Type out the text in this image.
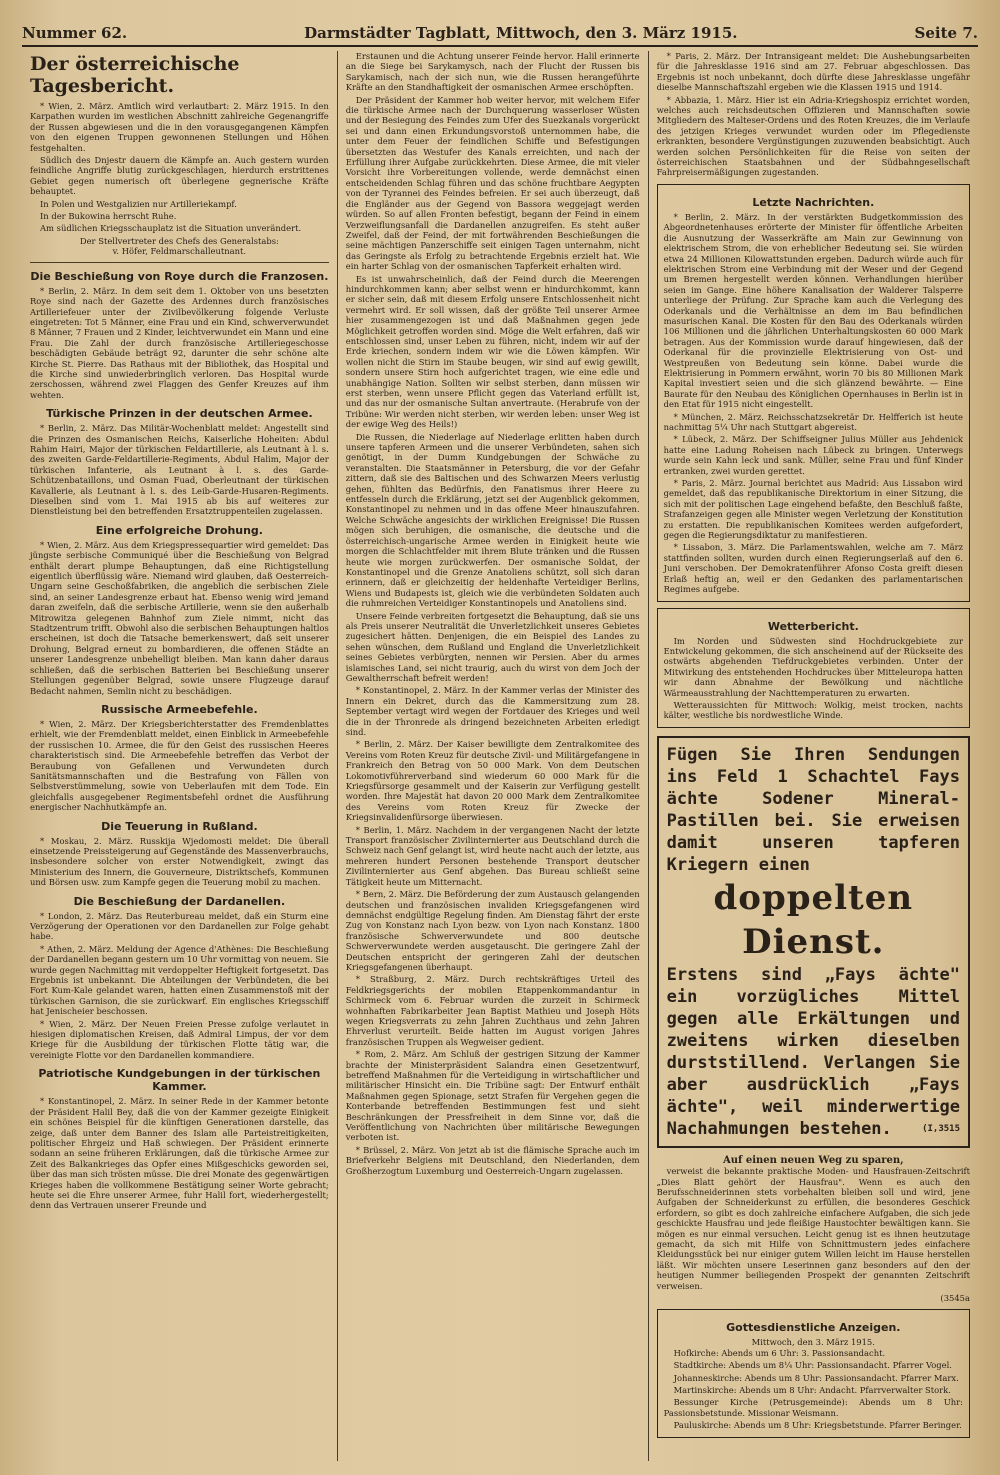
Nummer 62.	Darmstädter Tagblatt, Mittwoch, den 3. März 1915.	Seite 7.
Der österreichische Tagesbericht.

* Wien, 2. März. Amtlich wird verlautbart: 2. März 1915. In den Karpathen wurden im westlichen Abschnitt zahlreiche Gegenangriffe der Russen abgewiesen und die in den vorausgegangenen Kämpfen von den eigenen Truppen gewonnenen Stellungen und Höhen festgehalten.

Südlich des Dnjestr dauern die Kämpfe an. Auch gestern wurden feindliche Angriffe blutig zurückgeschlagen, hierdurch erstrittenes Gebiet gegen numerisch oft überlegene gegnerische Kräfte behauptet.

In Polen und Westgalizien nur Artilleriekampf.

In der Bukowina herrscht Ruhe.

Am südlichen Kriegsschauplatz ist die Situation unverändert.

Der Stellvertreter des Chefs des Generalstabs:
v. Höfer, Feldmarschalleutnant.
Die Beschießung von Roye durch die Franzosen.

* Berlin, 2. März. In dem seit dem 1. Oktober von uns besetzten Roye sind nach der Gazette des Ardennes durch französisches Artilleriefeuer unter der Zivilbevölkerung folgende Verluste eingetreten: Tot 5 Männer, eine Frau und ein Kind, schwerverwundet 8 Männer, 7 Frauen und 2 Kinder, leichtverwundet ein Mann und eine Frau. Die Zahl der durch französische Artilleriegeschosse beschädigten Gebäude beträgt 92, darunter die sehr schöne alte Kirche St. Pierre. Das Rathaus mit der Bibliothek, das Hospital und die Kirche sind unwiederbringlich verloren. Das Hospital wurde zerschossen, während zwei Flaggen des Genfer Kreuzes auf ihm wehten.

Türkische Prinzen in der deutschen Armee.

* Berlin, 2. März. Das Militär-Wochenblatt meldet: Angestellt sind die Prinzen des Osmanischen Reichs, Kaiserliche Hoheiten: Abdul Rahim Hairi, Major der türkischen Feldartillerie, als Leutnant à l. s. des zweiten Garde-Feldartillerie-Regiments, Abdul Halim, Major der türkischen Infanterie, als Leutnant à l. s. des Garde-Schützenbataillons, und Osman Fuad, Oberleutnant der türkischen Kavallerie, als Leutnant à l. s. des Leib-Garde-Husaren-Regiments. Dieselben sind vom 1. Mai 1915 ab bis auf weiteres zur Dienstleistung bei den betreffenden Ersatztruppenteilen zugelassen.

Eine erfolgreiche Drohung.

* Wien, 2. März. Aus dem Kriegspressequartier wird gemeldet: Das jüngste serbische Communiqué über die Beschießung von Belgrad enthält derart plumpe Behauptungen, daß eine Richtigstellung eigentlich überflüssig wäre. Niemand wird glauben, daß Oesterreich-Ungarn seine Geschoßfabriken, die angeblich die serbischen Ziele sind, an seiner Landesgrenze erbaut hat. Ebenso wenig wird jemand daran zweifeln, daß die serbische Artillerie, wenn sie den außerhalb Mitrowitza gelegenen Bahnhof zum Ziele nimmt, nicht das Stadtzentrum trifft. Obwohl also die serbischen Behauptungen haltlos erscheinen, ist doch die Tatsache bemerkenswert, daß seit unserer Drohung, Belgrad erneut zu bombardieren, die offenen Städte an unserer Landesgrenze unbehelligt bleiben. Man kann daher daraus schließen, daß die serbischen Batterien bei Beschießung unserer Stellungen gegenüber Belgrad, sowie unsere Flugzeuge darauf Bedacht nahmen, Semlin nicht zu beschädigen.

Russische Armeebefehle.

* Wien, 2. März. Der Kriegsberichterstatter des Fremdenblattes erhielt, wie der Fremdenblatt meldet, einen Einblick in Armeebefehle der russischen 10. Armee, die für den Geist des russischen Heeres charakteristisch sind. Die Armeebefehle betreffen das Verbot der Beraubung von Gefallenen und Verwundeten durch Sanitätsmannschaften und die Bestrafung von Fällen von Selbstverstümmelung, sowie von Ueberlaufen mit dem Tode. Ein gleichfalls ausgegebener Regimentsbefehl ordnet die Ausführung energischer Nachhutkämpfe an.

Die Teuerung in Rußland.

* Moskau, 2. März. Russkija Wjedomosti meldet: Die überall einsetzende Preissteigerung auf Gegenstände des Massenverbrauchs, insbesondere solcher von erster Notwendigkeit, zwingt das Ministerium des Innern, die Gouverneure, Distriktschefs, Kommunen und Börsen usw. zum Kampfe gegen die Teuerung mobil zu machen.

Die Beschießung der Dardanellen.

* London, 2. März. Das Reuterbureau meldet, daß ein Sturm eine Verzögerung der Operationen vor den Dardanellen zur Folge gehabt habe.

* Athen, 2. März. Meldung der Agence d'Athènes: Die Beschießung der Dardanellen begann gestern um 10 Uhr vormittag von neuem. Sie wurde gegen Nachmittag mit verdoppelter Heftigkeit fortgesetzt. Das Ergebnis ist unbekannt. Die Abteilungen der Verbündeten, die bei Fort Kum-Kale gelandet waren, hatten einen Zusammenstoß mit der türkischen Garnison, die sie zurückwarf. Ein englisches Kriegsschiff hat Jenischeier beschossen.

* Wien, 2. März. Der Neuen Freien Presse zufolge verlautet in hiesigen diplomatischen Kreisen, daß Admiral Limpus, der vor dem Kriege für die Ausbildung der türkischen Flotte tätig war, die vereinigte Flotte vor den Dardanellen kommandiere.

Patriotische Kundgebungen in der türkischen Kammer.

* Konstantinopel, 2. März. In seiner Rede in der Kammer betonte der Präsident Halil Bey, daß die von der Kammer gezeigte Einigkeit ein schönes Beispiel für die künftigen Generationen darstelle, das zeige, daß unter dem Banner des Islam alle Parteistreitigkeiten, politischer Ehrgeiz und Haß schwiegen. Der Präsident erinnerte sodann an seine früheren Erklärungen, daß die türkische Armee zur Zeit des Balkankrieges das Opfer eines Mißgeschicks geworden sei, über das man sich trösten müsse. Die drei Monate des gegenwärtigen Krieges haben die vollkommene Bestätigung seiner Worte gebracht; heute sei die Ehre unserer Armee, fuhr Halil fort, wiederhergestellt; denn das Vertrauen unserer Freunde und

Erstaunen und die Achtung unserer Feinde hervor. Halil erinnerte an die Siege bei Sarykamysch, nach der Flucht der Russen bis Sarykamisch, nach der sich nun, wie die Russen herangeführte Kräfte an den Standhaftigkeit der osmanischen Armee erschöpften.

Der Präsident der Kammer hob weiter hervor, mit welchem Eifer die türkische Armee nach der Durchquerung wasserloser Wüsten und der Besiegung des Feindes zum Ufer des Suezkanals vorgerückt sei und dann einen Erkundungsvorstoß unternommen habe, die unter dem Feuer der feindlichen Schiffe und Befestigungen übersetzten das Westufer des Kanals erreichten, und nach der Erfüllung ihrer Aufgabe zurückkehrten. Diese Armee, die mit vieler Vorsicht ihre Vorbereitungen vollende, werde demnächst einen entscheidenden Schlag führen und das schöne fruchtbare Aegypten von der Tyrannei des Feindes befreien. Er sei auch überzeugt, daß die Engländer aus der Gegend von Bassora weggejagt werden würden. So auf allen Fronten befestigt, begann der Feind in einem Verzweiflungsanfall die Dardanellen anzugreifen. Es steht außer Zweifel, daß der Feind, der mit fortwährenden Beschießungen die seine mächtigen Panzerschiffe seit einigen Tagen unternahm, nicht das Geringste als Erfolg zu betrachtende Ergebnis erzielt hat. Wie ein harter Schlag von der osmanischen Tapferkeit erhalten wird.

Es ist unwahrscheinlich, daß der Feind durch die Meerengen hindurchkommen kann; aber selbst wenn er hindurchkommt, kann er sicher sein, daß mit diesem Erfolg unsere Entschlossenheit nicht vermehrt wird. Er soll wissen, daß der größte Teil unserer Armee hier zusammengezogen ist und daß Maßnahmen gegen jede Möglichkeit getroffen worden sind. Möge die Welt erfahren, daß wir entschlossen sind, unser Leben zu führen, nicht, indem wir auf der Erde kriechen, sondern indem wir wie die Löwen kämpfen. Wir wollen nicht die Stirn im Staube beugen, wir sind auf ewig gewillt, sondern unsere Stirn hoch aufgerichtet tragen, wie eine edle und unabhängige Nation. Sollten wir selbst sterben, dann müssen wir erst sterben, wenn unsere Pflicht gegen das Vaterland erfüllt ist, und das nur der osmanische Sultan anvertraute. (Herabrufe von der Tribüne: Wir werden nicht sterben, wir werden leben: unser Weg ist der ewige Weg des Heils!)

Die Russen, die Niederlage auf Niederlage erlitten haben durch unsere tapferen Armeen und die unserer Verbündeten, sahen sich genötigt, in der Dumm Kundgebungen der Schwäche zu veranstalten. Die Staatsmänner in Petersburg, die vor der Gefahr zittern, daß sie des Baltischen und des Schwarzen Meers verlustig gehen, fühlten das Bedürfnis, den Fanatismus ihrer Heere zu entfesseln durch die Erklärung, jetzt sei der Augenblick gekommen, Konstantinopel zu nehmen und in das offene Meer hinauszufahren. Welche Schwäche angesichts der wirklichen Ereignisse! Die Russen mögen sich beruhigen, die osmanische, die deutsche und die österreichisch-ungarische Armee werden in Einigkeit heute wie morgen die Schlachtfelder mit ihrem Blute tränken und die Russen heute wie morgen zurückwerfen. Der osmanische Soldat, der Konstantinopel und die Grenze Anatoliens schützt, soll sich daran erinnern, daß er gleichzeitig der heldenhafte Verteidiger Berlins, Wiens und Budapests ist, gleich wie die verbündeten Soldaten auch die ruhmreichen Verteidiger Konstantinopels und Anatoliens sind.

Unsere Feinde verbreiten fortgesetzt die Behauptung, daß sie uns als Preis unserer Neutralität die Unverletzlichkeit unseres Gebietes zugesichert hätten. Denjenigen, die ein Beispiel des Landes zu sehen wünschen, dem Rußland und England die Unverletzlichkeit seines Gebietes verbürgten, nennen wir Persien. Aber du armes islamisches Land, sei nicht traurig, auch du wirst von dem Joch der Gewaltherrschaft befreit werden!

* Konstantinopel, 2. März. In der Kammer verlas der Minister des Innern ein Dekret, durch das die Kammersitzung zum 28. September vertagt wird wegen der Fortdauer des Krieges und weil die in der Thronrede als dringend bezeichneten Arbeiten erledigt sind.

* Berlin, 2. März. Der Kaiser bewilligte dem Zentralkomitee des Vereins vom Roten Kreuz für deutsche Zivil- und Militärgefangene in Frankreich den Betrag von 50 000 Mark. Von dem Deutschen Lokomotivführerverband sind wiederum 60 000 Mark für die Kriegsfürsorge gesammelt und der Kaiserin zur Verfügung gestellt worden. Ihre Majestät hat davon 20 000 Mark dem Zentralkomitee des Vereins vom Roten Kreuz für Zwecke der Kriegsinvalidenfürsorge überwiesen.

* Berlin, 1. März. Nachdem in der vergangenen Nacht der letzte Transport französischer Zivilinternierter aus Deutschland durch die Schweiz nach Genf gelangt ist, wird heute nacht auch der letzte, aus mehreren hundert Personen bestehende Transport deutscher Zivilinternierter aus Genf abgehen. Das Bureau schließt seine Tätigkeit heute um Mitternacht.

* Bern, 2. März. Die Beförderung der zum Austausch gelangenden deutschen und französischen invaliden Kriegsgefangenen wird demnächst endgültige Regelung finden. Am Dienstag fährt der erste Zug von Konstanz nach Lyon bezw. von Lyon nach Konstanz. 1800 französische Schwerverwundete und 800 deutsche Schwerverwundete werden ausgetauscht. Die geringere Zahl der Deutschen entspricht der geringeren Zahl der deutschen Kriegsgefangenen überhaupt.

* Straßburg, 2. März. Durch rechtskräftiges Urteil des Feldkriegsgerichts der mobilen Etappenkommandantur in Schirmeck vom 6. Februar wurden die zurzeit in Schirmeck wohnhaften Fabrikarbeiter Jean Baptist Mathieu und Joseph Höts wegen Kriegsverrats zu zehn Jahren Zuchthaus und zehn Jahren Ehrverlust verurteilt. Beide hatten im August vorigen Jahres französischen Truppen als Wegweiser gedient.

* Rom, 2. März. Am Schluß der gestrigen Sitzung der Kammer brachte der Ministerpräsident Salandra einen Gesetzentwurf, betreffend Maßnahmen für die Verteidigung in wirtschaftlicher und militärischer Hinsicht ein. Die Tribüne sagt: Der Entwurf enthält Maßnahmen gegen Spionage, setzt Strafen für Vergehen gegen die Konterbande betreffenden Bestimmungen fest und sieht Beschränkungen der Pressfreiheit in dem Sinne vor, daß die Veröffentlichung von Nachrichten über militärische Bewegungen verboten ist.

* Brüssel, 2. März. Von jetzt ab ist die flämische Sprache auch im Briefverkehr Belgiens mit Deutschland, den Niederlanden, dem Großherzogtum Luxemburg und Oesterreich-Ungarn zugelassen.

* Paris, 2. März. Der Intransigeant meldet: Die Aushebungsarbeiten für die Jahresklasse 1916 sind am 27. Februar abgeschlossen. Das Ergebnis ist noch unbekannt, doch dürfte diese Jahresklasse ungefähr dieselbe Mannschaftszahl ergeben wie die Klassen 1915 und 1914.

* Abbazia, 1. März. Hier ist ein Adria-Kriegshospiz errichtet worden, welches auch reichsdeutschen Offizieren und Mannschaften sowie Mitgliedern des Malteser-Ordens und des Roten Kreuzes, die im Verlaufe des jetzigen Krieges verwundet wurden oder im Pflegedienste erkrankten, besondere Vergünstigungen zuzuwenden beabsichtigt. Auch werden solchen Persönlichkeiten für die Reise von seiten der österreichischen Staatsbahnen und der Südbahngesellschaft Fahrpreisermäßigungen zugestanden.

Letzte Nachrichten.

* Berlin, 2. März. In der verstärkten Budgetkommission des Abgeordnetenhauses erörterte der Minister für öffentliche Arbeiten die Ausnutzung der Wasserkräfte am Main zur Gewinnung von elektrischem Strom, die von erheblicher Bedeutung sei. Sie würden etwa 24 Millionen Kilowattstunden ergeben. Dadurch würde auch für elektrischen Strom eine Verbindung mit der Weser und der Gegend um Bremen hergestellt werden können. Verhandlungen hierüber seien im Gange. Eine höhere Kanalisation der Walderer Talsperre unterliege der Prüfung. Zur Sprache kam auch die Verlegung des Oderkanals und die Verhältnisse an dem im Bau befindlichen masurischen Kanal. Die Kosten für den Bau des Oderkanals würden 106 Millionen und die jährlichen Unterhaltungskosten 60 000 Mark betragen. Aus der Kommission wurde darauf hingewiesen, daß der Oderkanal für die provinzielle Elektrisierung von Ost- und Westpreußen von Bedeutung sein könne. Dabei wurde die Elektrisierung in Pommern erwähnt, worin 70 bis 80 Millionen Mark Kapital investiert seien und die sich glänzend bewährte. — Eine Baurate für den Neubau des Königlichen Opernhauses in Berlin ist in den Etat für 1915 nicht eingestellt.

* München, 2. März. Reichsschatzsekretär Dr. Helfferich ist heute nachmittag 5¼ Uhr nach Stuttgart abgereist.

* Lübeck, 2. März. Der Schiffseigner Julius Müller aus Jehdenick hatte eine Ladung Roheisen nach Lübeck zu bringen. Unterwegs wurde sein Kahn leck und sank. Müller, seine Frau und fünf Kinder ertranken, zwei wurden gerettet.

* Paris, 2. März. Journal berichtet aus Madrid: Aus Lissabon wird gemeldet, daß das republikanische Direktorium in einer Sitzung, die sich mit der politischen Lage eingehend befaßte, den Beschluß faßte, Strafanzeigen gegen alle Minister wegen Verletzung der Konstitution zu erstatten. Die republikanischen Komitees werden aufgefordert, gegen die Regierungsdiktatur zu manifestieren.

* Lissabon, 3. März. Die Parlamentswahlen, welche am 7. März stattfinden sollten, wurden durch einen Regierungserlaß auf den 6. Juni verschoben. Der Demokratenführer Afonso Costa greift diesen Erlaß heftig an, weil er den Gedanken des parlamentarischen Regimes aufgebe.

Wetterbericht.

Im Norden und Südwesten sind Hochdruckgebiete zur Entwickelung gekommen, die sich anscheinend auf der Rückseite des ostwärts abgehenden Tiefdruckgebietes verbinden. Unter der Mitwirkung des entstehenden Hochdruckes über Mitteleuropa hatten wir dann Abnahme der Bewölkung und nächtliche Wärmeausstrahlung der Nachttemperaturen zu erwarten.

Wetteraussichten für Mittwoch: Wolkig, meist trocken, nachts kälter, westliche bis nordwestliche Winde.

Fügen Sie Ihren Sendungen ins Feld 1 Schachtel Fays ächte Sodener Mineral-Pastillen bei. Sie erweisen damit unseren tapferen Kriegern einen
doppelten Dienst.
Erstens sind „Fays ächte" ein vorzügliches Mittel gegen alle Erkältungen und zweitens wirken dieselben durststillend. Verlangen Sie aber ausdrücklich „Fays ächte", weil minderwertige Nachahmungen bestehen.	(I,3515
Auf einen neuen Weg zu sparen,

verweist die bekannte praktische Moden- und Hausfrauen-Zeitschrift „Dies Blatt gehört der Hausfrau". Wenn es auch den Berufsschneiderinnen stets vorbehalten bleiben soll und wird, jene Aufgaben der Schneiderkunst zu erfüllen, die besonderes Geschick erfordern, so gibt es doch zahlreiche einfachere Aufgaben, die sich jede geschickte Hausfrau und jede fleißige Haustochter bewältigen kann. Sie mögen es nur einmal versuchen. Leicht genug ist es ihnen heutzutage gemacht, da sich mit Hilfe von Schnittmustern jedes einfachere Kleidungsstück bei nur einiger gutem Willen leicht im Hause herstellen läßt. Wir möchten unsere Leserinnen ganz besonders auf den der heutigen Nummer beiliegenden Prospekt der genannten Zeitschrift verweisen.

(3545a
Gottesdienstliche Anzeigen.
Mittwoch, den 3. März 1915.

Hofkirche: Abends um 6 Uhr: 3. Passionsandacht.

Stadtkirche: Abends um 8¼ Uhr: Passionsandacht. Pfarrer Vogel.

Johanneskirche: Abends um 8 Uhr: Passionsandacht. Pfarrer Marx.

Martinskirche: Abends um 8 Uhr: Andacht. Pfarrverwalter Stork.

Bessunger Kirche (Petrusgemeinde): Abends um 8 Uhr: Passionsbetstunde. Missionar Weismann.

Pauluskirche: Abends um 8 Uhr: Kriegsbetstunde. Pfarrer Beringer.
